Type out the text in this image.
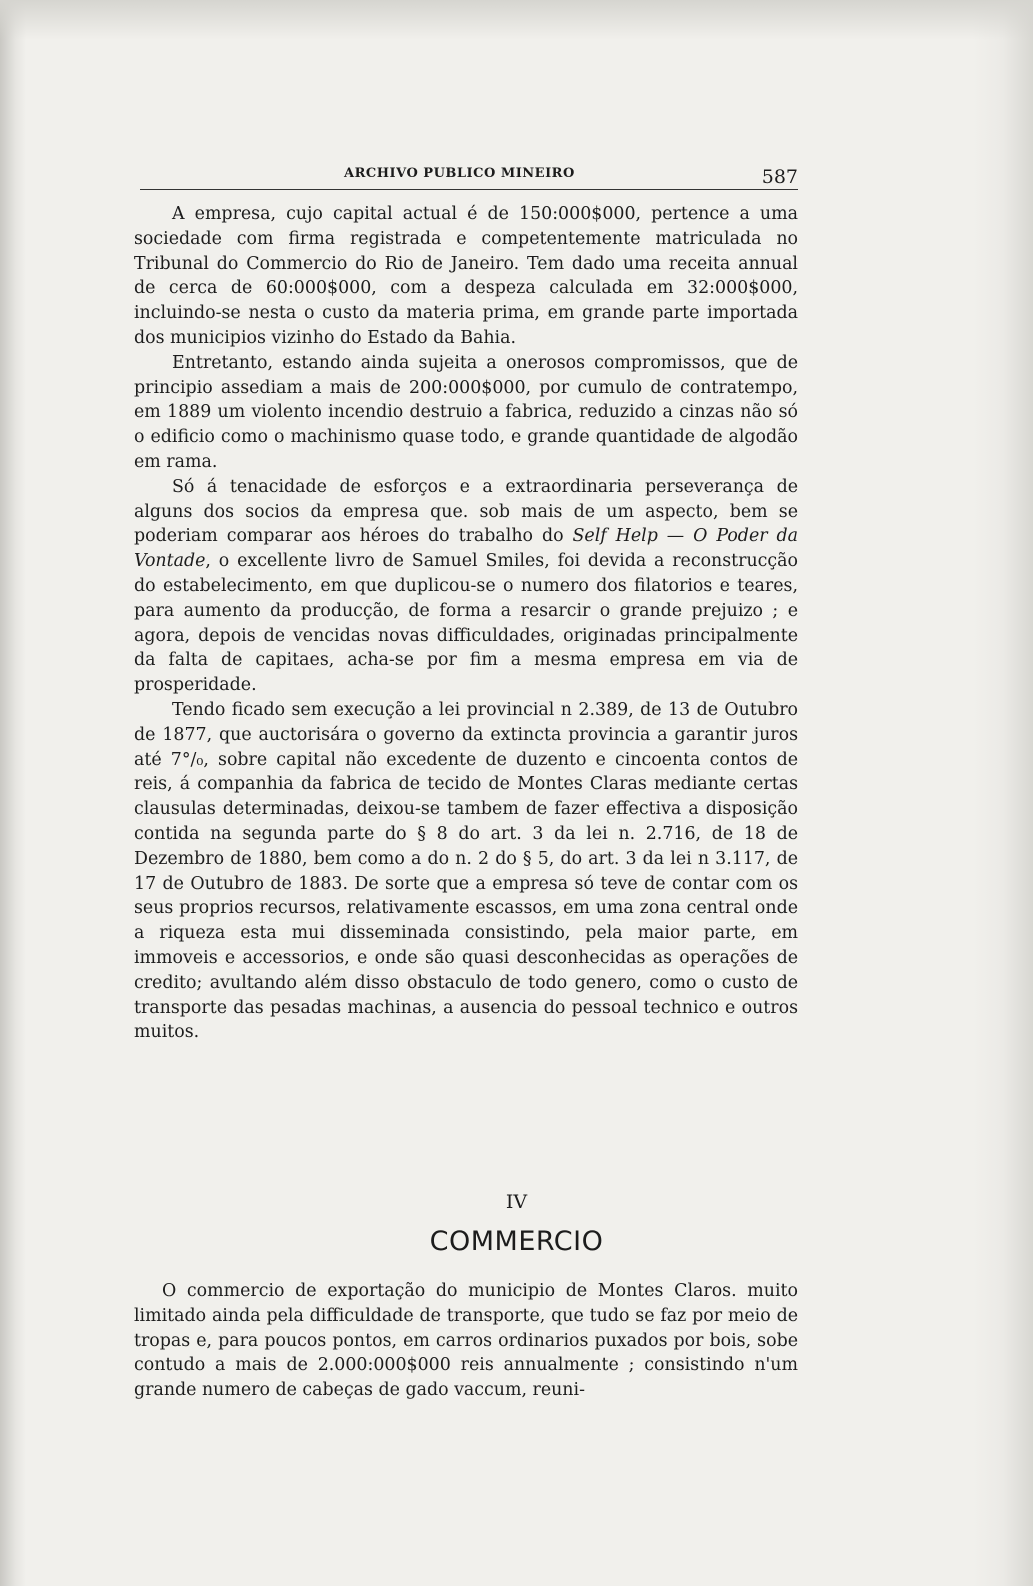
ARCHIVO PUBLICO MINEIRO	587

A empresa, cujo capital actual é de 150:000$000, pertence a uma sociedade com firma registrada e competentemente matriculada no Tribunal do Commercio do Rio de Janeiro. Tem dado uma receita annual de cerca de 60:000$000, com a despeza calculada em 32:000$000, incluindo-se nesta o custo da materia prima, em grande parte importada dos municipios vizinho do Estado da Bahia.

Entretanto, estando ainda sujeita a onerosos compromissos, que de principio assediam a mais de 200:000$000, por cumulo de contratempo, em 1889 um violento incendio destruio a fabrica, reduzido a cinzas não só o edificio como o machinismo quase todo, e grande quantidade de algodão em rama.

Só á tenacidade de esforços e a extraordinaria perseverança de alguns dos socios da empresa que. sob mais de um aspecto, bem se poderiam comparar aos héroes do trabalho do Self Help — O Poder da Vontade, o excellente livro de Samuel Smiles, foi devida a reconstrucção do estabelecimento, em que duplicou-se o numero dos filatorios e teares, para aumento da producção, de forma a resarcir o grande prejuizo ; e agora, depois de vencidas novas difficuldades, originadas principalmente da falta de capitaes, acha-se por fim a mesma empresa em via de prosperidade.

Tendo ficado sem execução a lei provincial n 2.389, de 13 de Outubro de 1877, que auctorisára o governo da extincta provincia a garantir juros até 7°/₀, sobre capital não excedente de duzento e cincoenta contos de reis, á companhia da fabrica de tecido de Montes Claras mediante certas clausulas determinadas, deixou-se tambem de fazer effectiva a disposição contida na segunda parte do § 8 do art. 3 da lei n. 2.716, de 18 de Dezembro de 1880, bem como a do n. 2 do § 5, do art. 3 da lei n 3.117, de 17 de Outubro de 1883. De sorte que a empresa só teve de contar com os seus proprios recursos, relativamente escassos, em uma zona central onde a riqueza esta mui disseminada consistindo, pela maior parte, em immoveis e accessorios, e onde são quasi desconhecidas as operações de credito; avultando além disso obstaculo de todo genero, como o custo de transporte das pesadas machinas, a ausencia do pessoal technico e outros muitos.

IV
COMMERCIO

O commercio de exportação do municipio de Montes Claros. muito limitado ainda pela difficuldade de transporte, que tudo se faz por meio de tropas e, para poucos pontos, em carros ordinarios puxados por bois, sobe contudo a mais de 2.000:000$000 reis annualmente ; consistindo n'um grande numero de cabeças de gado vaccum, reuni-
